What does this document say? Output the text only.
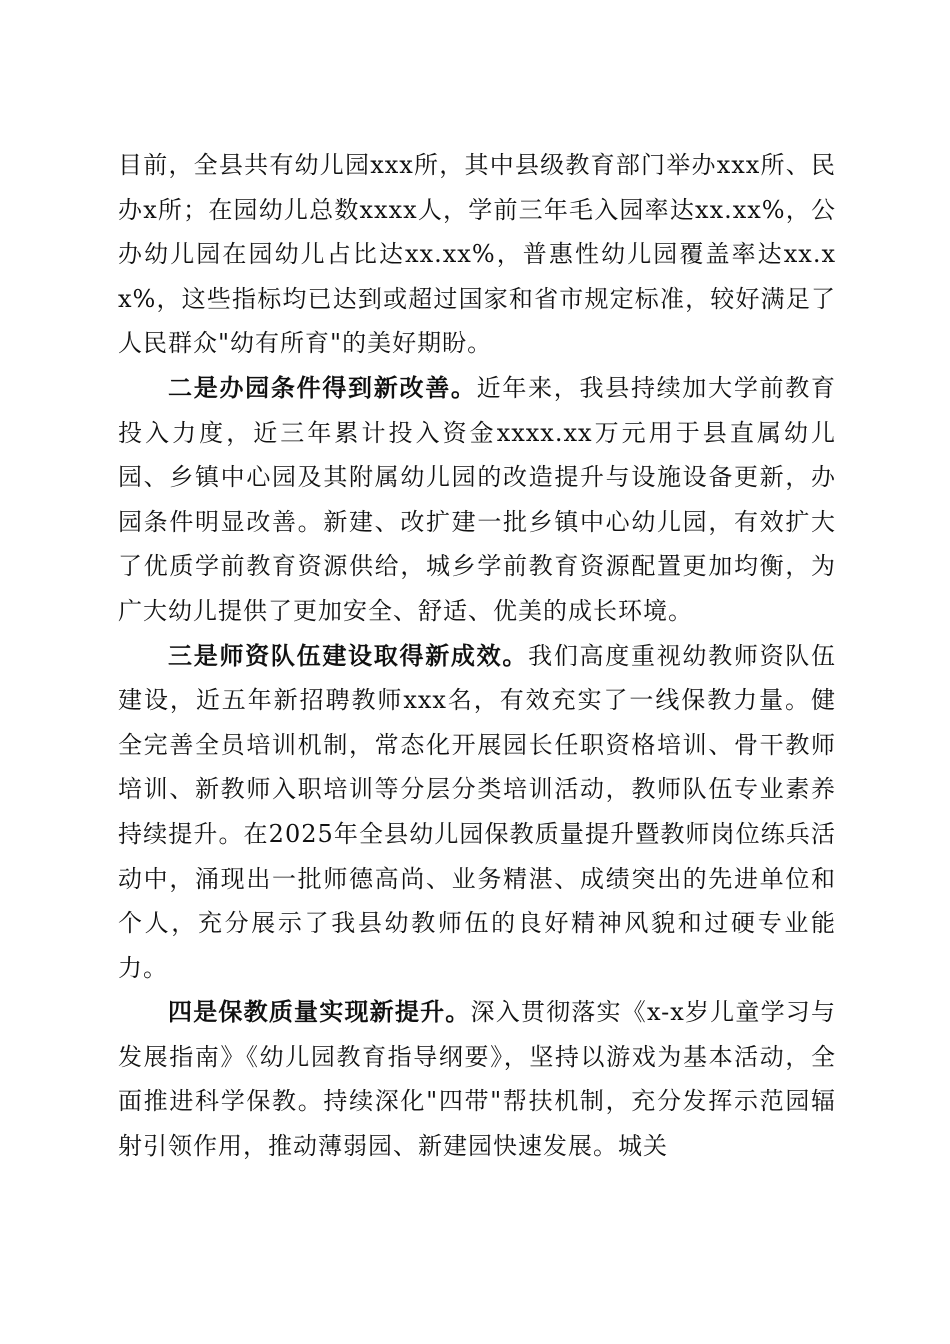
目前，全县共有幼儿园xxx所，其中县级教育部门举办xxx所、民办x所；在园幼儿总数xxxx人，学前三年毛入园率达xx.xx%，公办幼儿园在园幼儿占比达xx.xx%，普惠性幼儿园覆盖率达xx.xx%，这些指标均已达到或超过国家和省市规定标准，较好满足了人民群众"幼有所育"的美好期盼。

二是办园条件得到新改善。近年来，我县持续加大学前教育投入力度，近三年累计投入资金xxxx.xx万元用于县直属幼儿园、乡镇中心园及其附属幼儿园的改造提升与设施设备更新，办园条件明显改善。新建、改扩建一批乡镇中心幼儿园，有效扩大了优质学前教育资源供给，城乡学前教育资源配置更加均衡，为广大幼儿提供了更加安全、舒适、优美的成长环境。

三是师资队伍建设取得新成效。我们高度重视幼教师资队伍建设，近五年新招聘教师xxx名，有效充实了一线保教力量。健全完善全员培训机制，常态化开展园长任职资格培训、骨干教师培训、新教师入职培训等分层分类培训活动，教师队伍专业素养持续提升。在2025年全县幼儿园保教质量提升暨教师岗位练兵活动中，涌现出一批师德高尚、业务精湛、成绩突出的先进单位和个人，充分展示了我县幼教师伍的良好精神风貌和过硬专业能力。

四是保教质量实现新提升。深入贯彻落实《x-x岁儿童学习与发展指南》《幼儿园教育指导纲要》，坚持以游戏为基本活动，全面推进科学保教。持续深化"四带"帮扶机制，充分发挥示范园辐射引领作用，推动薄弱园、新建园快速发展。城关
